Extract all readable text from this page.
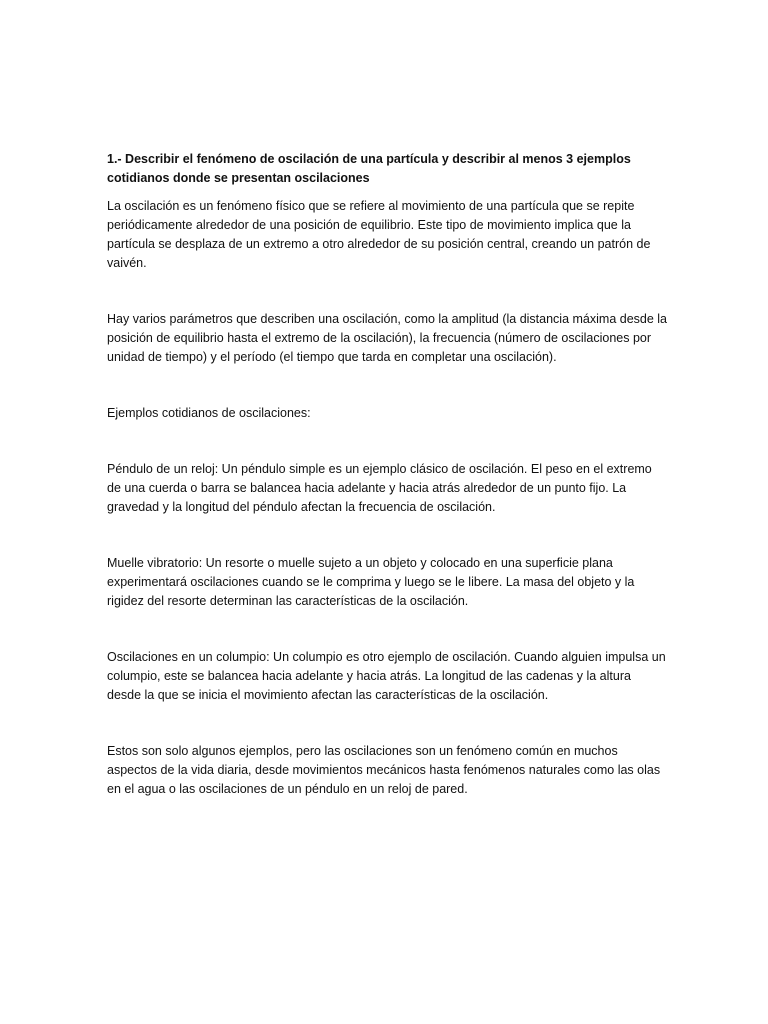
1.- Describir el fenómeno de oscilación de una partícula y describir al menos 3 ejemplos cotidianos donde se presentan oscilaciones

La oscilación es un fenómeno físico que se refiere al movimiento de una partícula que se repite periódicamente alrededor de una posición de equilibrio. Este tipo de movimiento implica que la partícula se desplaza de un extremo a otro alrededor de su posición central, creando un patrón de vaivén.

Hay varios parámetros que describen una oscilación, como la amplitud (la distancia máxima desde la posición de equilibrio hasta el extremo de la oscilación), la frecuencia (número de oscilaciones por unidad de tiempo) y el período (el tiempo que tarda en completar una oscilación).

Ejemplos cotidianos de oscilaciones:

Péndulo de un reloj: Un péndulo simple es un ejemplo clásico de oscilación. El peso en el extremo de una cuerda o barra se balancea hacia adelante y hacia atrás alrededor de un punto fijo. La gravedad y la longitud del péndulo afectan la frecuencia de oscilación.

Muelle vibratorio: Un resorte o muelle sujeto a un objeto y colocado en una superficie plana experimentará oscilaciones cuando se le comprima y luego se le libere. La masa del objeto y la rigidez del resorte determinan las características de la oscilación.

Oscilaciones en un columpio: Un columpio es otro ejemplo de oscilación. Cuando alguien impulsa un columpio, este se balancea hacia adelante y hacia atrás. La longitud de las cadenas y la altura desde la que se inicia el movimiento afectan las características de la oscilación.

Estos son solo algunos ejemplos, pero las oscilaciones son un fenómeno común en muchos aspectos de la vida diaria, desde movimientos mecánicos hasta fenómenos naturales como las olas en el agua o las oscilaciones de un péndulo en un reloj de pared.
